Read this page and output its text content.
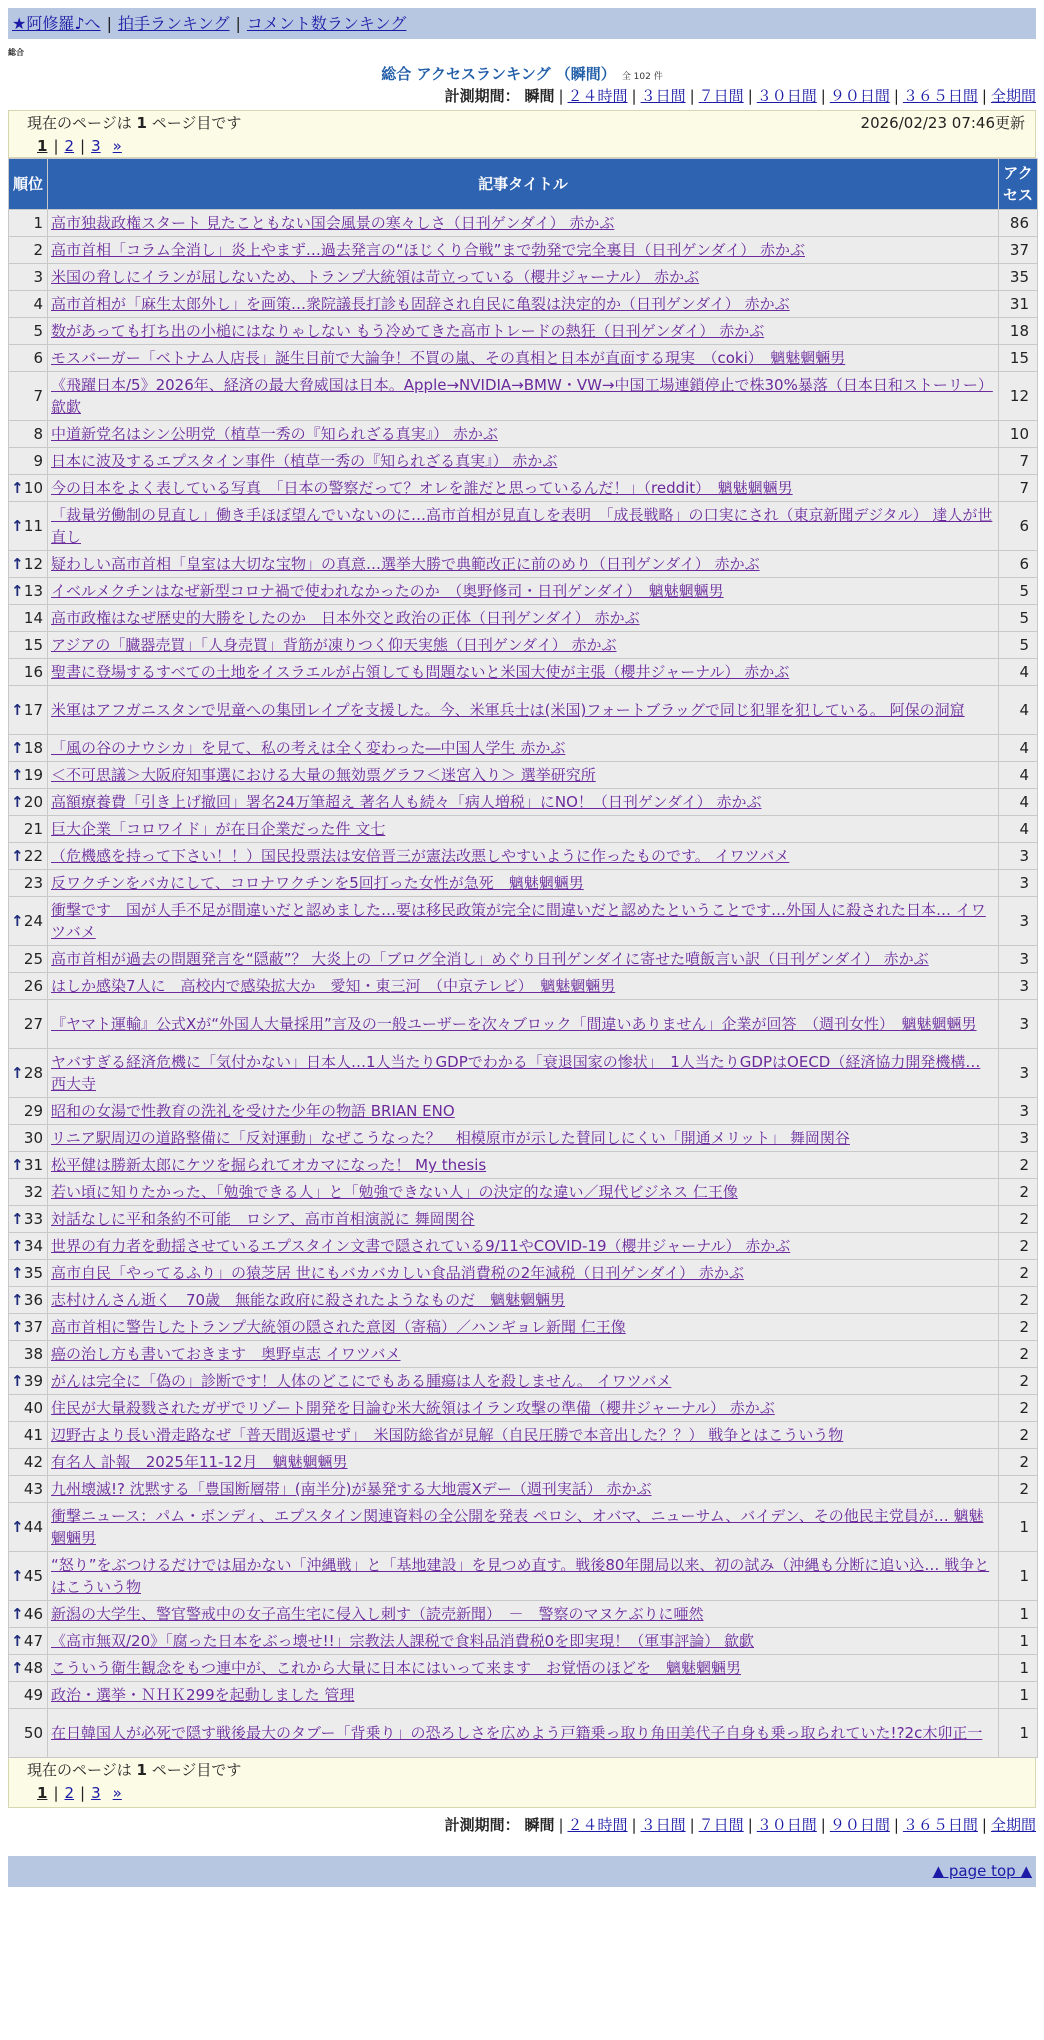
★阿修羅♪へ | 拍手ランキング | コメント数ランキング
総合
総合 アクセスランキング （瞬間） 全 102 件
計測期間： 瞬間 | ２４時間 | ３日間 | ７日間 | ３０日間 | ９０日間 | ３６５日間 | 全期間
現在のページは 1 ページ目です	2026/02/23 07:46更新
1 | 2 | 3 »
順位	記事タイトル	アクセス
1	高市独裁政権スタート 見たこともない国会風景の寒々しさ（日刊ゲンダイ） 赤かぶ	86
2	高市首相「コラム全消し」炎上やまず…過去発言の“ほじくり合戦”まで勃発で完全裏目（日刊ゲンダイ） 赤かぶ	37
3	米国の脅しにイランが屈しないため、トランプ大統領は苛立っている（櫻井ジャーナル） 赤かぶ	35
4	高市首相が「麻生太郎外し」を画策…衆院議長打診も固辞され自民に亀裂は決定的か（日刊ゲンダイ） 赤かぶ	31
5	数があっても打ち出の小槌にはなりゃしない もう冷めてきた高市トレードの熱狂（日刊ゲンダイ） 赤かぶ	18
6	モスバーガー「ベトナム人店長」誕生目前で大論争！不買の嵐、その真相と日本が直面する現実　（coki）　魑魅魍魎男	15
7	《飛躍日本/5》2026年、経済の最大脅威国は日本。Apple→NVIDIA→BMW・VW→中国工場連鎖停止で株30%暴落（日本日和ストーリー） 歙歔	12
8	中道新党名はシン公明党（植草一秀の『知られざる真実』） 赤かぶ	10
9	日本に波及するエプスタイン事件（植草一秀の『知られざる真実』） 赤かぶ	7

↑ 10	今の日本をよく表している写真　「日本の警察だって？オレを誰だと思っているんだ！」（reddit）　魑魅魍魎男	7

↑ 11	「裁量労働制の見直し」働き手ほぼ望んでいないのに…高市首相が見直しを表明　「成長戦略」の口実にされ（東京新聞デジタル） 達人が世直し	6

↑ 12	疑わしい高市首相「皇室は大切な宝物」の真意…選挙大勝で典範改正に前のめり（日刊ゲンダイ） 赤かぶ	6

↑ 13	イベルメクチンはなぜ新型コロナ禍で使われなかったのか　（奥野修司・日刊ゲンダイ）　魑魅魍魎男	5
14	高市政権はなぜ歴史的大勝をしたのか　日本外交と政治の正体（日刊ゲンダイ） 赤かぶ	5
15	アジアの「臓器売買」「人身売買」背筋が凍りつく仰天実態（日刊ゲンダイ） 赤かぶ	5
16	聖書に登場するすべての土地をイスラエルが占領しても問題ないと米国大使が主張（櫻井ジャーナル） 赤かぶ	4

↑ 17	米軍はアフガニスタンで児童への集団レイプを支援した。今、米軍兵士は(米国)フォートブラッグで同じ犯罪を犯している。 阿保の洞窟	4

↑ 18	「風の谷のナウシカ」を見て、私の考えは全く変わった―中国人学生 赤かぶ	4

↑ 19	＜不可思議＞大阪府知事選における大量の無効票グラフ＜迷宮入り＞ 選挙研究所	4

↑ 20	高額療養費「引き上げ撤回」署名24万筆超え 著名人も続々「病人増税」にNO！（日刊ゲンダイ） 赤かぶ	4
21	巨大企業「コロワイド」が在日企業だった件 文七	4

↑ 22	（危機感を持って下さい！！）国民投票法は安倍晋三が憲法改悪しやすいように作ったものです。 イワツバメ	3
23	反ワクチンをバカにして、コロナワクチンを5回打った女性が急死　魑魅魍魎男	3

↑ 24	衝撃です　国が人手不足が間違いだと認めました…要は移民政策が完全に間違いだと認めたということです…外国人に殺された日本… イワツバメ	3
25	高市首相が過去の問題発言を“隠蔽”？ 大炎上の「ブログ全消し」めぐり日刊ゲンダイに寄せた噴飯言い訳（日刊ゲンダイ） 赤かぶ	3
26	はしか感染7人に　高校内で感染拡大か　愛知・東三河　（中京テレビ）　魑魅魍魎男	3
27	『ヤマト運輸』公式Xが“外国人大量採用”言及の一般ユーザーを次々ブロック「間違いありません」企業が回答　（週刊女性）　魑魅魍魎男	3

↑ 28	ヤバすぎる経済危機に「気付かない」日本人…1人当たりGDPでわかる「衰退国家の惨状」　1人当たりGDPはOECD（経済協力開発機構… 西大寺	3
29	昭和の女湯で性教育の洗礼を受けた少年の物語 BRIAN ENO	3
30	リニア駅周辺の道路整備に「反対運動」なぜこうなった？　相模原市が示した賛同しにくい「開通メリット」 舞岡関谷	3

↑ 31	松平健は勝新太郎にケツを掘られてオカマになった！ My thesis	2
32	若い頃に知りたかった、「勉強できる人」と「勉強できない人」の決定的な違い／現代ビジネス 仁王像	2

↑ 33	対話なしに平和条約不可能　ロシア、高市首相演説に 舞岡関谷	2

↑ 34	世界の有力者を動揺させているエプスタイン文書で隠されている9/11やCOVID-19（櫻井ジャーナル） 赤かぶ	2

↑ 35	高市自民「やってるふり」の猿芝居 世にもバカバカしい食品消費税の2年減税（日刊ゲンダイ） 赤かぶ	2

↑ 36	志村けんさん逝く　70歳　無能な政府に殺されたようなものだ　魑魅魍魎男	2

↑ 37	高市首相に警告したトランプ大統領の隠された意図（寄稿）／ハンギョレ新聞 仁王像	2
38	癌の治し方も書いておきます　奥野卓志 イワツバメ	2

↑ 39	がんは完全に「偽の」診断です！人体のどこにでもある腫瘍は人を殺しません。 イワツバメ	2
40	住民が大量殺戮されたガザでリゾート開発を目論む米大統領はイラン攻撃の準備（櫻井ジャーナル） 赤かぶ	2
41	辺野古より長い滑走路なぜ「普天間返還せず」　米国防総省が見解（自民圧勝で本音出した？？） 戦争とはこういう物	2
42	有名人 訃報　2025年11-12月　魑魅魍魎男	2
43	九州壊滅!? 沈黙する「豊国断層帯」(南半分)が暴発する大地震Xデー（週刊実話） 赤かぶ	2

↑ 44	衝撃ニュース：パム・ボンディ、エプスタイン関連資料の全公開を発表 ペロシ、オバマ、ニューサム、バイデン、その他民主党員が… 魑魅魍魎男	1

↑ 45	“怒り”をぶつけるだけでは届かない「沖縄戦」と「基地建設」を見つめ直す。戦後80年開局以来、初の試み（沖縄も分断に追い込… 戦争とはこういう物	1

↑ 46	新潟の大学生、警官警戒中の女子高生宅に侵入し刺す（読売新聞）　－　警察のマヌケぶりに唖然	1

↑ 47	《高市無双/20》「腐った日本をぶっ壊せ!!」宗教法人課税で食料品消費税0を即実現！（軍事評論） 歙歔	1

↑ 48	こういう衛生観念をもつ連中が、これから大量に日本にはいって来ます　お覚悟のほどを　魑魅魍魎男	1
49	政治・選挙・ＮＨＫ299を起動しました 管理	1
50	在日韓国人が必死で隠す戦後最大のタブー「背乗り」の恐ろしさを広めよう戸籍乗っ取り角田美代子自身も乗っ取られていた!?2c木卯正一	1
現在のページは 1 ページ目です
1 | 2 | 3 »
計測期間： 瞬間 | ２４時間 | ３日間 | ７日間 | ３０日間 | ９０日間 | ３６５日間 | 全期間
▲ page top ▲
